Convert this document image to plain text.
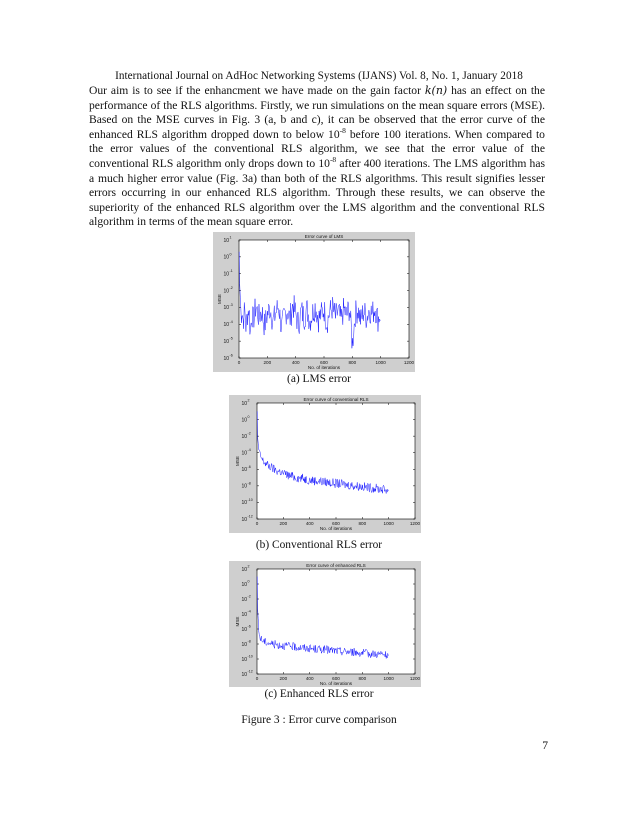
International Journal on AdHoc Networking Systems (IJANS) Vol. 8, No. 1, January 2018
Our aim is to see if the enhancment we have made on the gain factor k(n) has an effect on the performance of the RLS algorithms. Firstly, we run simulations on the mean square errors (MSE). Based on the MSE curves in Fig. 3 (a, b and c), it can be observed that the error curve of the enhanced RLS algorithm dropped down to below $10^{-8}$ before 100 iterations. When compared to the error values of the conventional RLS algorithm, we see that the error value of the conventional RLS algorithm only drops down to $10^{-8}$ after 400 iterations. The LMS algorithm has a much higher error value (Fig. 3a) than both of the RLS algorithms. This result signifies lesser errors occurring in our enhanced RLS algorithm. Through these results, we can observe the superiority of the enhanced RLS algorithm over the LMS algorithm and the conventional RLS algorithm in terms of the mean square error.
Error curve of LMS
0	200	400	600	800	1000	1200
No. of iterations
10
1
10
0
10
-1
10
-2
10
-3
10
-4
10
-5
10
-6
MSE
(a) LMS error
Error curve of conventional RLS
0	200	400	600	800	1000	1200
No. of iterations
10
2
10
0
10
-2
10
-4
10
-6
10
-8
10
-10
10
-12
MSE
(b) Conventional RLS error
Error curve of enhanced RLS
0	200	400	600	800	1000	1200
No. of iterations
10
2
10
0
10
-2
10
-4
10
-6
10
-8
10
-10
10
-12
MSE
(c) Enhanced RLS error
Figure 3 : Error curve comparison
7
